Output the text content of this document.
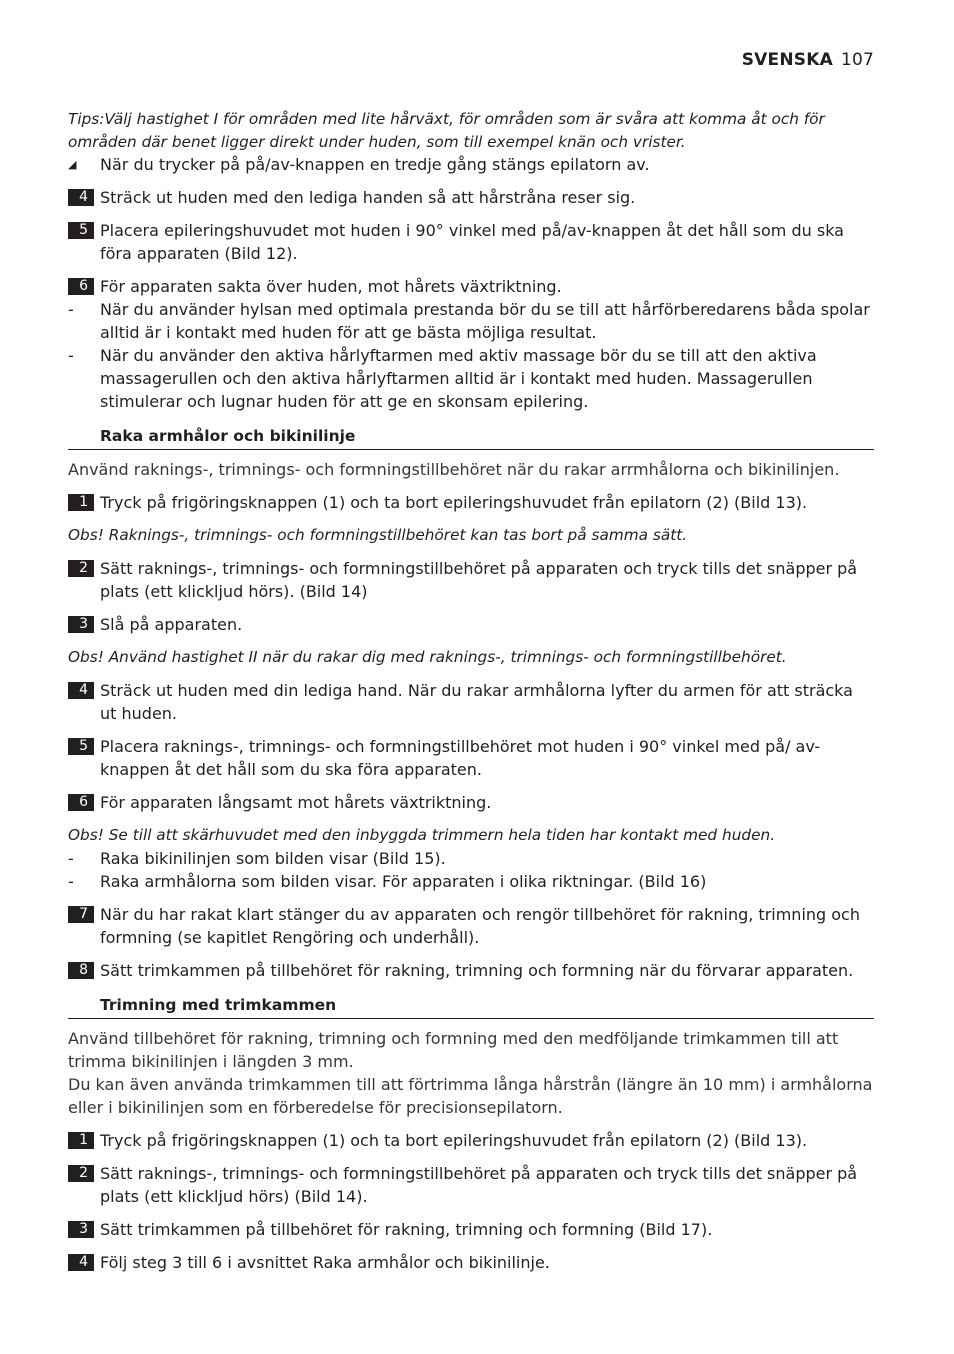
SVENSKA 107

Tips:Välj hastighet I för områden med lite hårväxt, för områden som är svåra att komma åt och för områden där benet ligger direkt under huden, som till exempel knän och vrister.

◢	När du trycker på på/av-knappen en tredje gång stängs epilatorn av.

4 Sträck ut huden med den lediga handen så att hårstråna reser sig.

5 Placera epileringshuvudet mot huden i 90° vinkel med på/av-knappen åt det håll som du ska föra apparaten (Bild 12).

6 För apparaten sakta över huden, mot hårets växtriktning.

-	När du använder hylsan med optimala prestanda bör du se till att hårförberedarens båda spolar alltid är i kontakt med huden för att ge bästa möjliga resultat.

-	När du använder den aktiva hårlyftarmen med aktiv massage bör du se till att den aktiva massagerullen och den aktiva hårlyftarmen alltid är i kontakt med huden. Massagerullen stimulerar och lugnar huden för att ge en skonsam epilering.

Raka armhålor och bikinilinje

Använd raknings-, trimnings- och formningstillbehöret när du rakar arrmhålorna och bikinilinjen.

1 Tryck på frigöringsknappen (1) och ta bort epileringshuvudet från epilatorn (2) (Bild 13).

Obs! Raknings-, trimnings- och formningstillbehöret kan tas bort på samma sätt.

2 Sätt raknings-, trimnings- och formningstillbehöret på apparaten och tryck tills det snäpper på plats (ett klickljud hörs). (Bild 14)

3 Slå på apparaten.

Obs! Använd hastighet II när du rakar dig med raknings-, trimnings- och formningstillbehöret.

4 Sträck ut huden med din lediga hand. När du rakar armhålorna lyfter du armen för att sträcka ut huden.

5 Placera raknings-, trimnings- och formningstillbehöret mot huden i 90° vinkel med på/ av-knappen åt det håll som du ska föra apparaten.

6 För apparaten långsamt mot hårets växtriktning.

Obs! Se till att skärhuvudet med den inbyggda trimmern hela tiden har kontakt med huden.

-	Raka bikinilinjen som bilden visar (Bild 15).

-	Raka armhålorna som bilden visar. För apparaten i olika riktningar. (Bild 16)

7 När du har rakat klart stänger du av apparaten och rengör tillbehöret för rakning, trimning och formning (se kapitlet Rengöring och underhåll).

8 Sätt trimkammen på tillbehöret för rakning, trimning och formning när du förvarar apparaten.

Trimning med trimkammen

Använd tillbehöret för rakning, trimning och formning med den medföljande trimkammen till att trimma bikinilinjen i längden 3 mm.

Du kan även använda trimkammen till att förtrimma långa hårstrån (längre än 10 mm) i armhålorna eller i bikinilinjen som en förberedelse för precisionsepilatorn.

1 Tryck på frigöringsknappen (1) och ta bort epileringshuvudet från epilatorn (2) (Bild 13).

2 Sätt raknings-, trimnings- och formningstillbehöret på apparaten och tryck tills det snäpper på plats (ett klickljud hörs) (Bild 14).

3 Sätt trimkammen på tillbehöret för rakning, trimning och formning (Bild 17).

4 Följ steg 3 till 6 i avsnittet Raka armhålor och bikinilinje.
